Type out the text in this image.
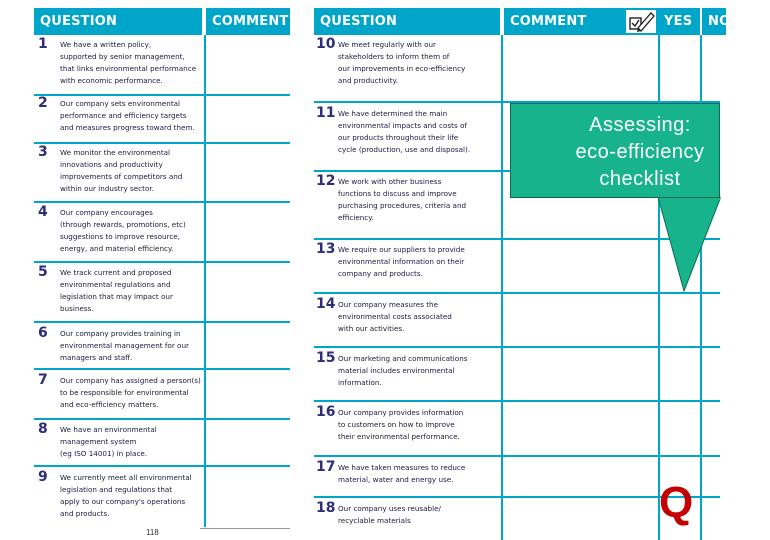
QUESTION	COMMENT
1	We have a written policy,
supported by senior management,
that links environmental performance
with economic performance.
2	Our company sets environmental
performance and efficiency targets
and measures progress toward them.
3	We monitor the environmental
innovations and productivity
improvements of competitors and
within our industry sector.
4	Our company encourages
(through rewards, promotions, etc)
suggestions to improve resource,
energy, and material efficiency.
5	We track current and proposed
environmental regulations and
legislation that may impact our
business.
6	Our company provides training in
environmental management for our
managers and staff.
7	Our company has assigned a person(s)
to be responsible for environmental
and eco-efficiency matters.
8	We have an environmental
management system
(eg ISO 14001) in place.
9	We currently meet all environmental
legislation and regulations that
apply to our company's operations
and products.
118
QUESTION	COMMENT	YES NO
10 We meet regularly with our
stakeholders to inform them of
our improvements in eco-efficiency
and productivity.
11 We have determined the main
environmental impacts and costs of
our products throughout their life
cycle (production, use and disposal).
12 We work with other business
functions to discuss and improve
purchasing procedures, criteria and
efficiency.
13 We require our suppliers to provide
environmental information on their
company and products.
14 Our company measures the
environmental costs associated
with our activities.
15 Our marketing and communications
material includes environmental
information.
16 Our company provides information
to customers on how to improve
their environmental performance.
17 We have taken measures to reduce
material, water and energy use.
18 Our company uses reusable/
recyclable materials
Assessing:
eco-efficiency
checklist
Q
